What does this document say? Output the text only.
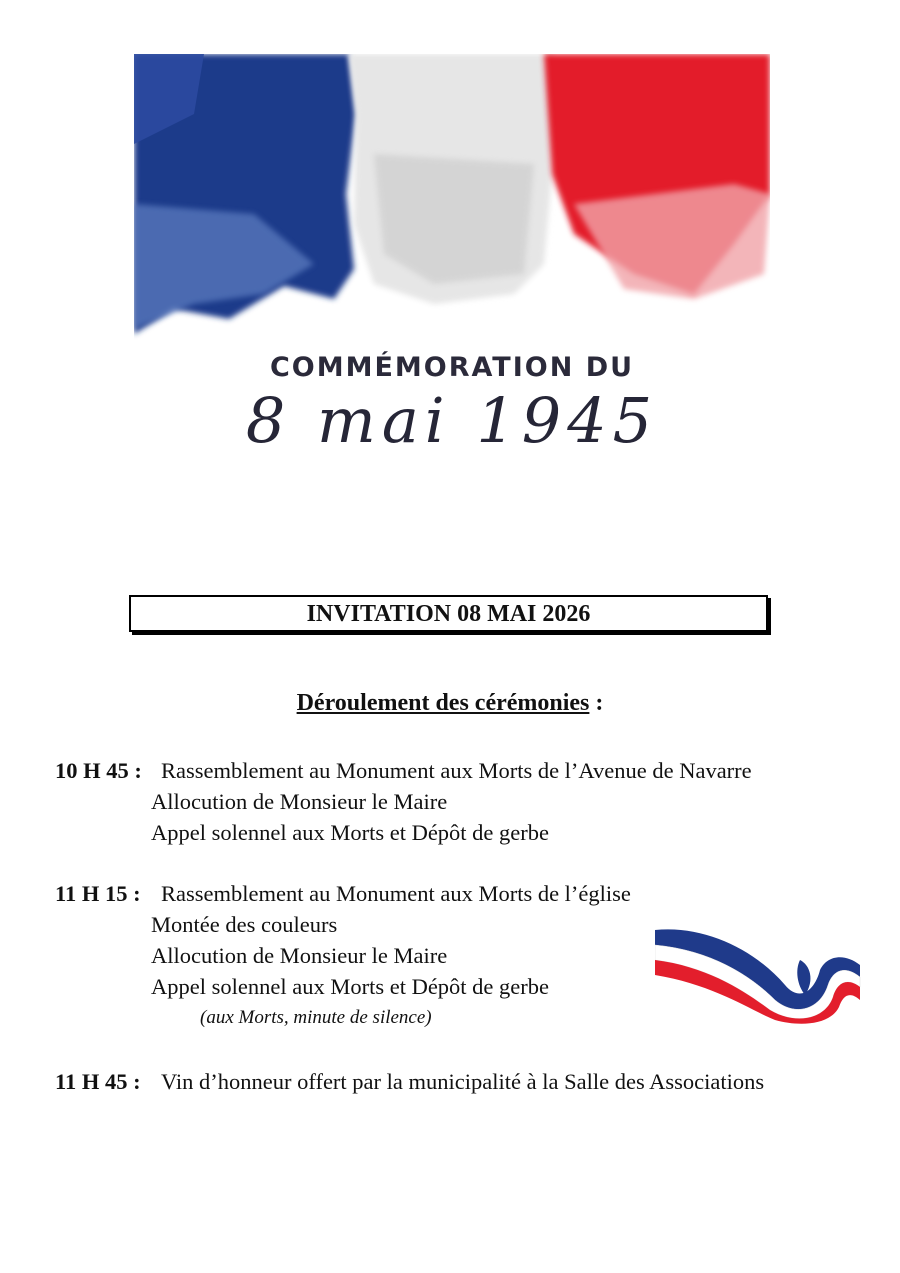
COMMÉMORATION DU
8 mai 1945
INVITATION 08 MAI 2026
Déroulement des cérémonies :
10 H 45 : Rassemblement au Monument aux Morts de l’Avenue de Navarre
Allocution de Monsieur le Maire
Appel solennel aux Morts et Dépôt de gerbe
11 H 15 : Rassemblement au Monument aux Morts de l’église
Montée des couleurs
Allocution de Monsieur le Maire
Appel solennel aux Morts et Dépôt de gerbe
(aux Morts, minute de silence)
11 H 45 : Vin d’honneur offert par la municipalité à la Salle des Associations
